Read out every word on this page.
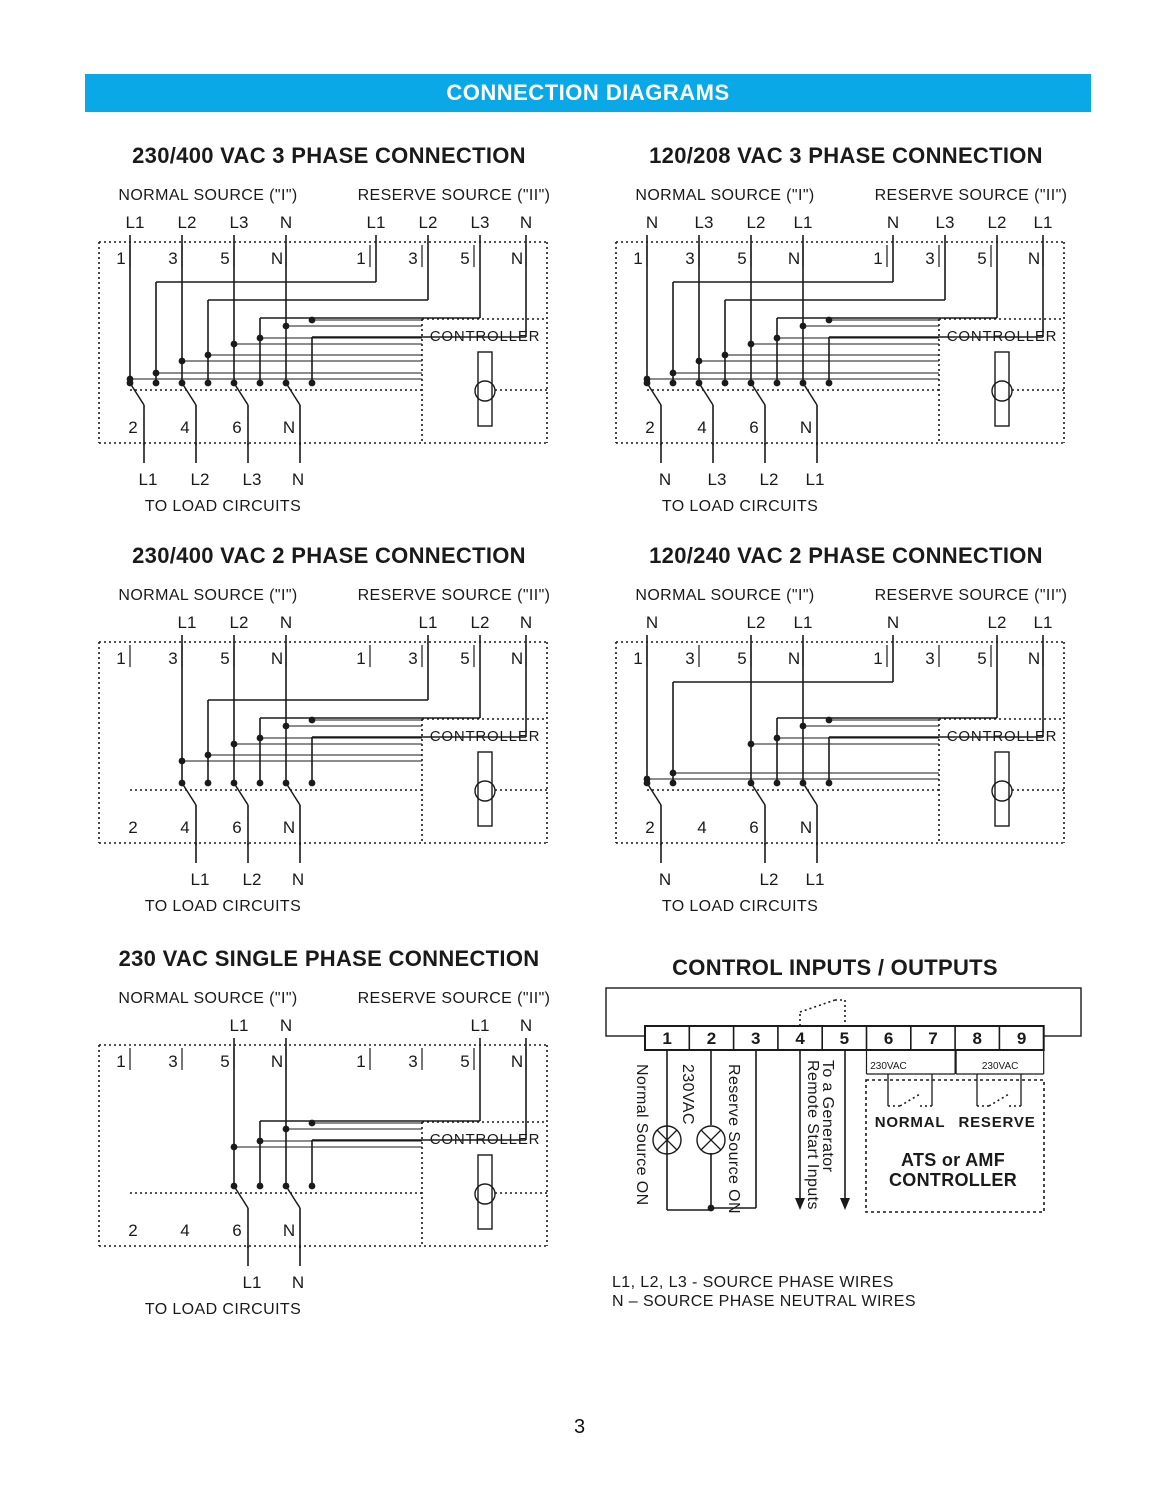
CONNECTION DIAGRAMS
230/400 VAC 3 PHASE CONNECTION
NORMAL SOURCE ("I")	RESERVE SOURCE ("II")
L1 L2 L3 N	L1 L2 L3 N
CONTROLLER
1	3	5 N	1	3	5 N
2	4	6 N
L1 L2 L3 N
TO LOAD CIRCUITS
120/208 VAC 3 PHASE CONNECTION
NORMAL SOURCE ("I")	RESERVE SOURCE ("II")
N L3 L2 L1	N L3 L2 L1
CONTROLLER
1	3	5 N	1	3	5 N
2	4	6 N
N L3 L2 L1
TO LOAD CIRCUITS
230/400 VAC 2 PHASE CONNECTION
NORMAL SOURCE ("I")	RESERVE SOURCE ("II")
L1 L2 N	L1 L2 N
CONTROLLER
1	3	5 N	1	3	5 N
2	4	6 N
L1 L2 N
TO LOAD CIRCUITS
120/240 VAC 2 PHASE CONNECTION
NORMAL SOURCE ("I")	RESERVE SOURCE ("II")
N	L2 L1	N	L2 L1
CONTROLLER
1	3	5 N	1	3	5 N
2	4	6 N
N	L2 L1
TO LOAD CIRCUITS
230 VAC SINGLE PHASE CONNECTION
NORMAL SOURCE ("I")	RESERVE SOURCE ("II")
L1 N	L1 N
CONTROLLER
1	3	5 N	1	3	5 N
2	4	6 N
L1 N
TO LOAD CIRCUITS
CONTROL INPUTS / OUTPUTS
1 2 3 4 5 6 7 8 9
Normal Source ON 230VAC Reserve Source ON	Remote Start Inputs
To a Generator	230VAC	230VAC
NORMAL RESERVE
ATS or AMF
CONTROLLER
L1, L2, L3 - SOURCE PHASE WIRES
N – SOURCE PHASE NEUTRAL WIRES
3
